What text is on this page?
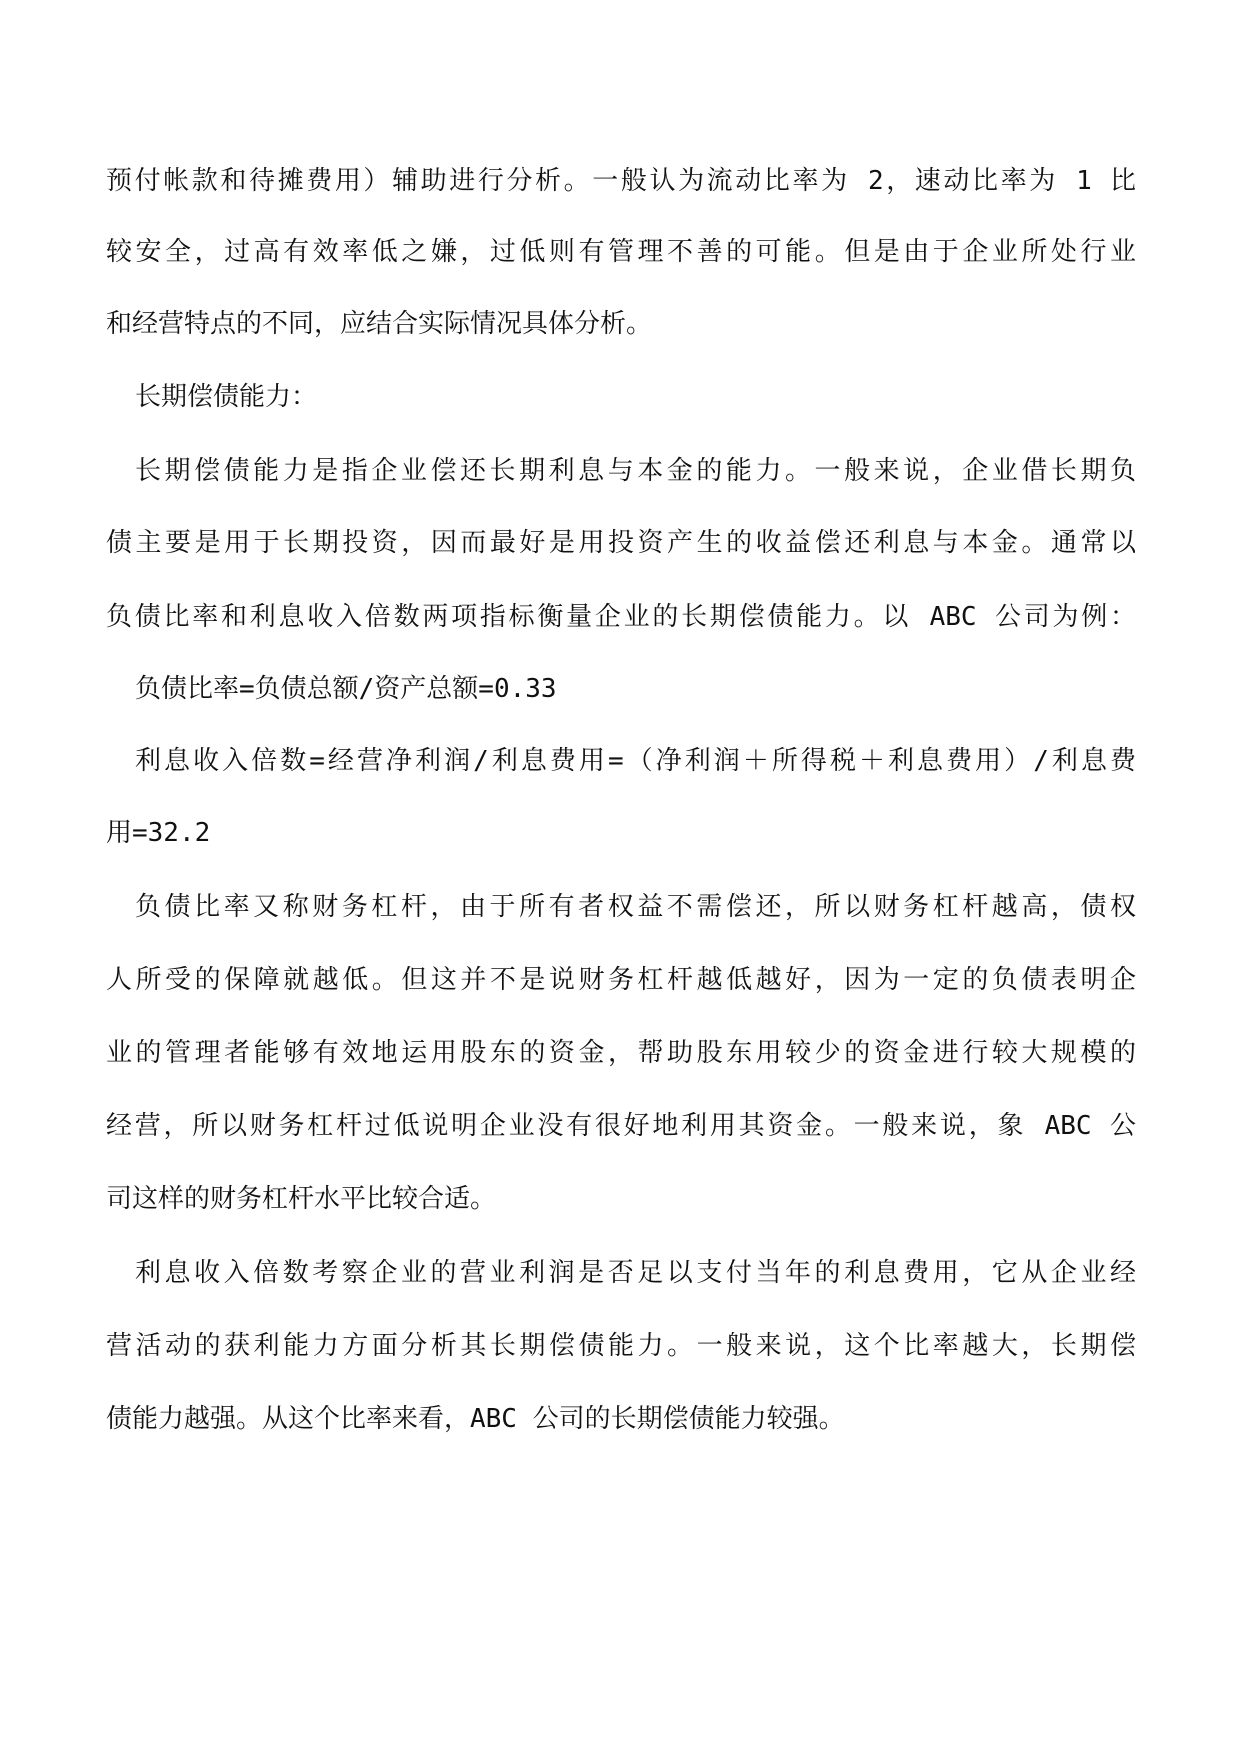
预付帐款和待摊费用）辅助进行分析。一般认为流动比率为 2，速动比率为 1 比
较安全，过高有效率低之嫌，过低则有管理不善的可能。但是由于企业所处行业
和经营特点的不同，应结合实际情况具体分析。
长期偿债能力：
长期偿债能力是指企业偿还长期利息与本金的能力。一般来说，企业借长期负
债主要是用于长期投资，因而最好是用投资产生的收益偿还利息与本金。通常以
负债比率和利息收入倍数两项指标衡量企业的长期偿债能力。以 ABC 公司为例：
负债比率=负债总额/资产总额=0.33
利息收入倍数=经营净利润/利息费用=（净利润＋所得税＋利息费用）/利息费
用=32.2
负债比率又称财务杠杆，由于所有者权益不需偿还，所以财务杠杆越高，债权
人所受的保障就越低。但这并不是说财务杠杆越低越好，因为一定的负债表明企
业的管理者能够有效地运用股东的资金，帮助股东用较少的资金进行较大规模的
经营，所以财务杠杆过低说明企业没有很好地利用其资金。一般来说，象 ABC 公
司这样的财务杠杆水平比较合适。
利息收入倍数考察企业的营业利润是否足以支付当年的利息费用，它从企业经
营活动的获利能力方面分析其长期偿债能力。一般来说，这个比率越大，长期偿
债能力越强。从这个比率来看，ABC 公司的长期偿债能力较强。
